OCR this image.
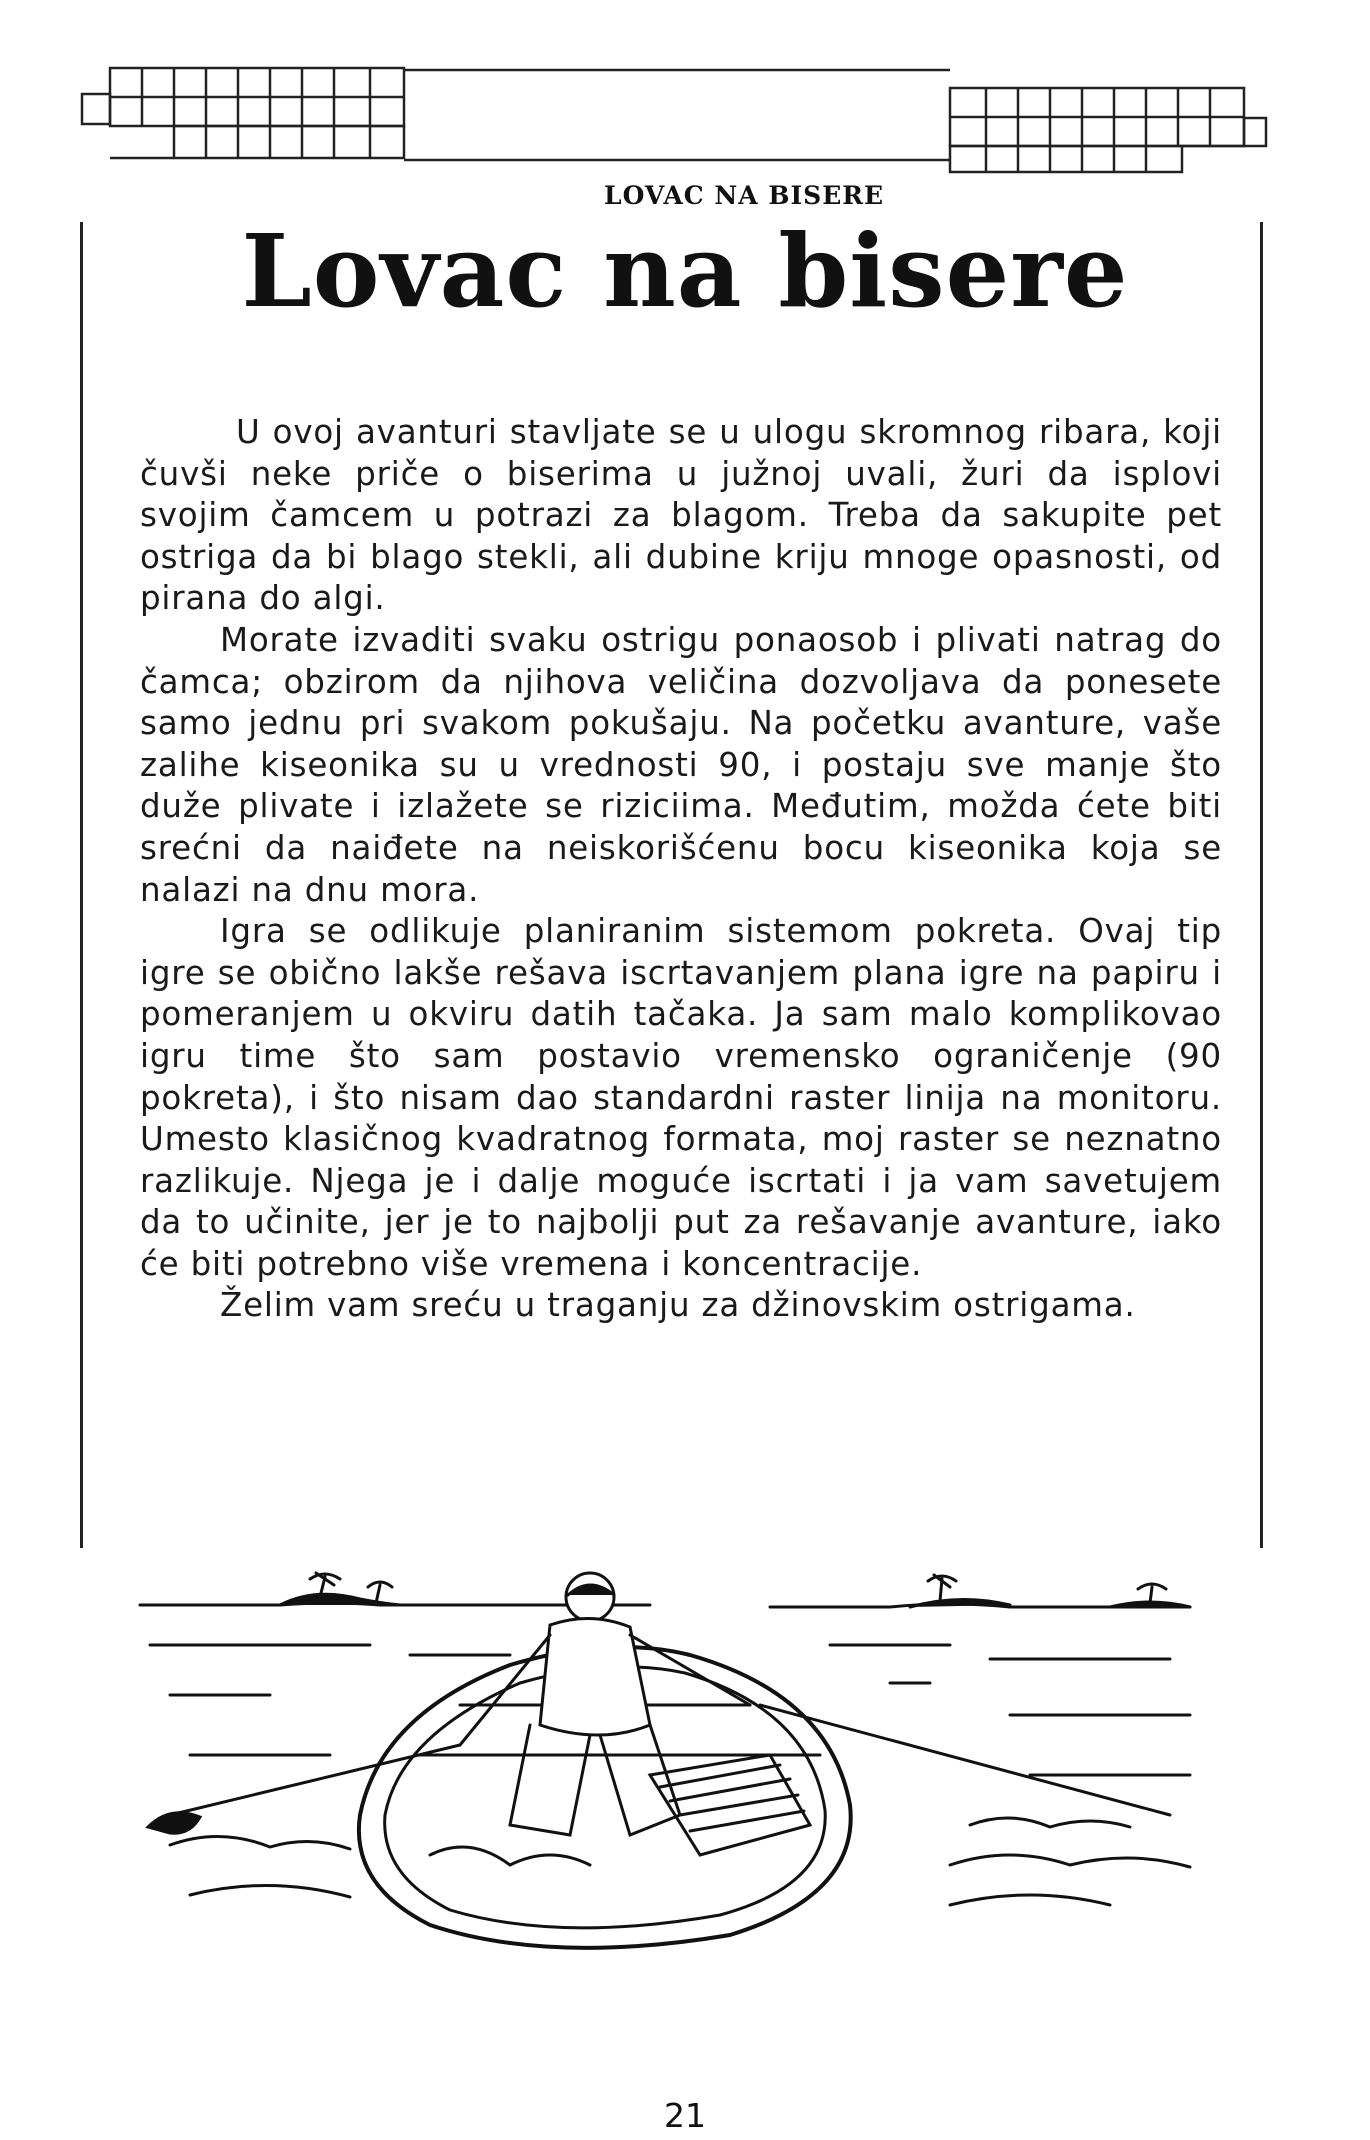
LOVAC NA BISERE
Lovac na bisere

U ovoj avanturi stavljate se u ulogu skromnog ribara, koji čuvši neke priče o biserima u južnoj uvali, žuri da isplovi svojim čamcem u potrazi za blagom. Treba da sakupite pet ostriga da bi blago stekli, ali dubine kriju mnoge opasnosti, od pirana do algi.

Morate izvaditi svaku ostrigu ponaosob i plivati natrag do čamca; obzirom da njihova veličina dozvoljava da ponesete samo jednu pri svakom pokušaju. Na početku avanture, vaše zalihe kiseonika su u vrednosti 90, i postaju sve manje što duže plivate i izlažete se riziciima. Međutim, možda ćete biti srećni da naiđete na neiskorišćenu bocu kiseonika koja se nalazi na dnu mora.

Igra se odlikuje planiranim sistemom pokreta. Ovaj tip igre se obično lakše rešava iscrtavanjem plana igre na papiru i pomeranjem u okviru datih tačaka. Ja sam malo komplikovao igru time što sam postavio vremensko ograničenje (90 pokreta), i što nisam dao standardni raster linija na monitoru. Umesto klasičnog kvadratnog formata, moj raster se neznatno razlikuje. Njega je i dalje moguće iscrtati i ja vam savetujem da to učinite, jer je to najbolji put za rešavanje avanture, iako će biti potrebno više vremena i koncentracije.

Želim vam sreću u traganju za džinovskim ostrigama.

21
